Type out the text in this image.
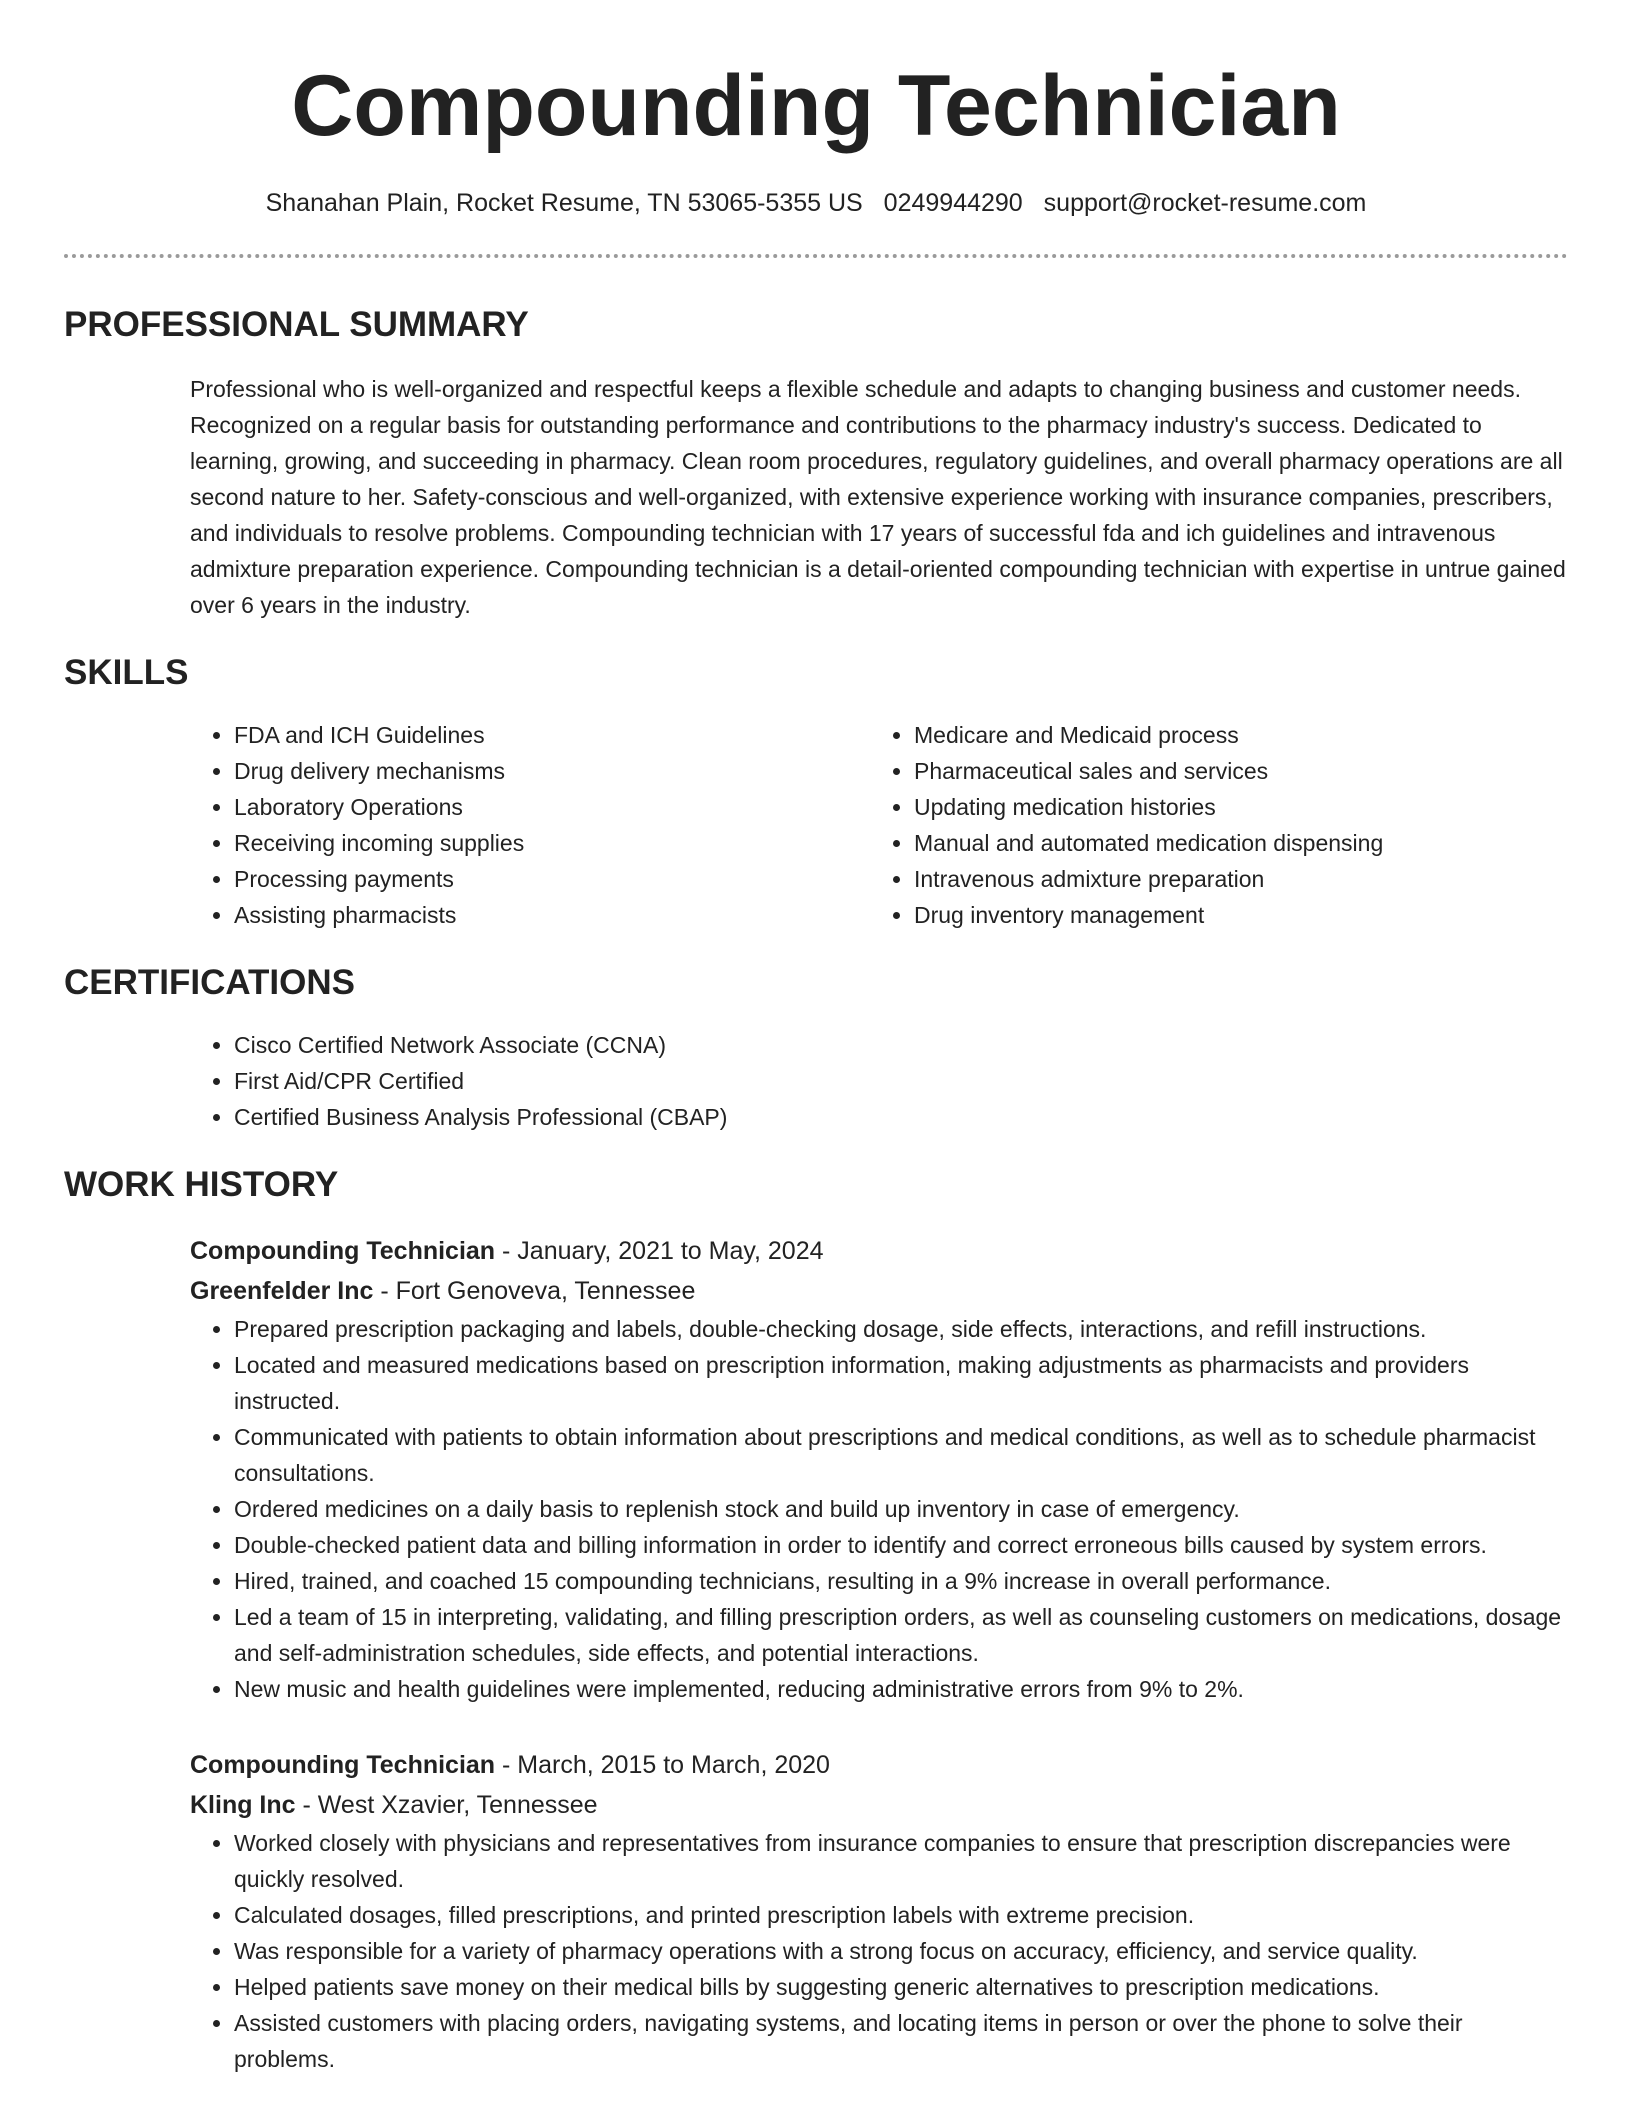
Compounding Technician
Shanahan Plain, Rocket Resume, TN 53065-5355 US 0249944290 support@rocket-resume.com
PROFESSIONAL SUMMARY

Professional who is well-organized and respectful keeps a flexible schedule and adapts to changing business and customer needs. Recognized on a regular basis for outstanding performance and contributions to the pharmacy industry's success. Dedicated to learning, growing, and succeeding in pharmacy. Clean room procedures, regulatory guidelines, and overall pharmacy operations are all second nature to her. Safety-conscious and well-organized, with extensive experience working with insurance companies, prescribers, and individuals to resolve problems. Compounding technician with 17 years of successful fda and ich guidelines and intravenous admixture preparation experience. Compounding technician is a detail-oriented compounding technician with expertise in untrue gained over 6 years in the industry.

SKILLS
• FDA and ICH Guidelines
• Drug delivery mechanisms
• Laboratory Operations
• Receiving incoming supplies
• Processing payments
• Assisting pharmacists
• Medicare and Medicaid process
• Pharmaceutical sales and services
• Updating medication histories
• Manual and automated medication dispensing
• Intravenous admixture preparation
• Drug inventory management
CERTIFICATIONS
• Cisco Certified Network Associate (CCNA)
• First Aid/CPR Certified
• Certified Business Analysis Professional (CBAP)
WORK HISTORY
Compounding Technician - January, 2021 to May, 2024
Greenfelder Inc - Fort Genoveva, Tennessee
• Prepared prescription packaging and labels, double-checking dosage, side effects, interactions, and refill instructions.
• Located and measured medications based on prescription information, making adjustments as pharmacists and providers instructed.
• Communicated with patients to obtain information about prescriptions and medical conditions, as well as to schedule pharmacist consultations.
• Ordered medicines on a daily basis to replenish stock and build up inventory in case of emergency.
• Double-checked patient data and billing information in order to identify and correct erroneous bills caused by system errors.
• Hired, trained, and coached 15 compounding technicians, resulting in a 9% increase in overall performance.
• Led a team of 15 in interpreting, validating, and filling prescription orders, as well as counseling customers on medications, dosage and self-administration schedules, side effects, and potential interactions.
• New music and health guidelines were implemented, reducing administrative errors from 9% to 2%.
Compounding Technician - March, 2015 to March, 2020
Kling Inc - West Xzavier, Tennessee
• Worked closely with physicians and representatives from insurance companies to ensure that prescription discrepancies were quickly resolved.
• Calculated dosages, filled prescriptions, and printed prescription labels with extreme precision.
• Was responsible for a variety of pharmacy operations with a strong focus on accuracy, efficiency, and service quality.
• Helped patients save money on their medical bills by suggesting generic alternatives to prescription medications.
• Assisted customers with placing orders, navigating systems, and locating items in person or over the phone to solve their problems.
